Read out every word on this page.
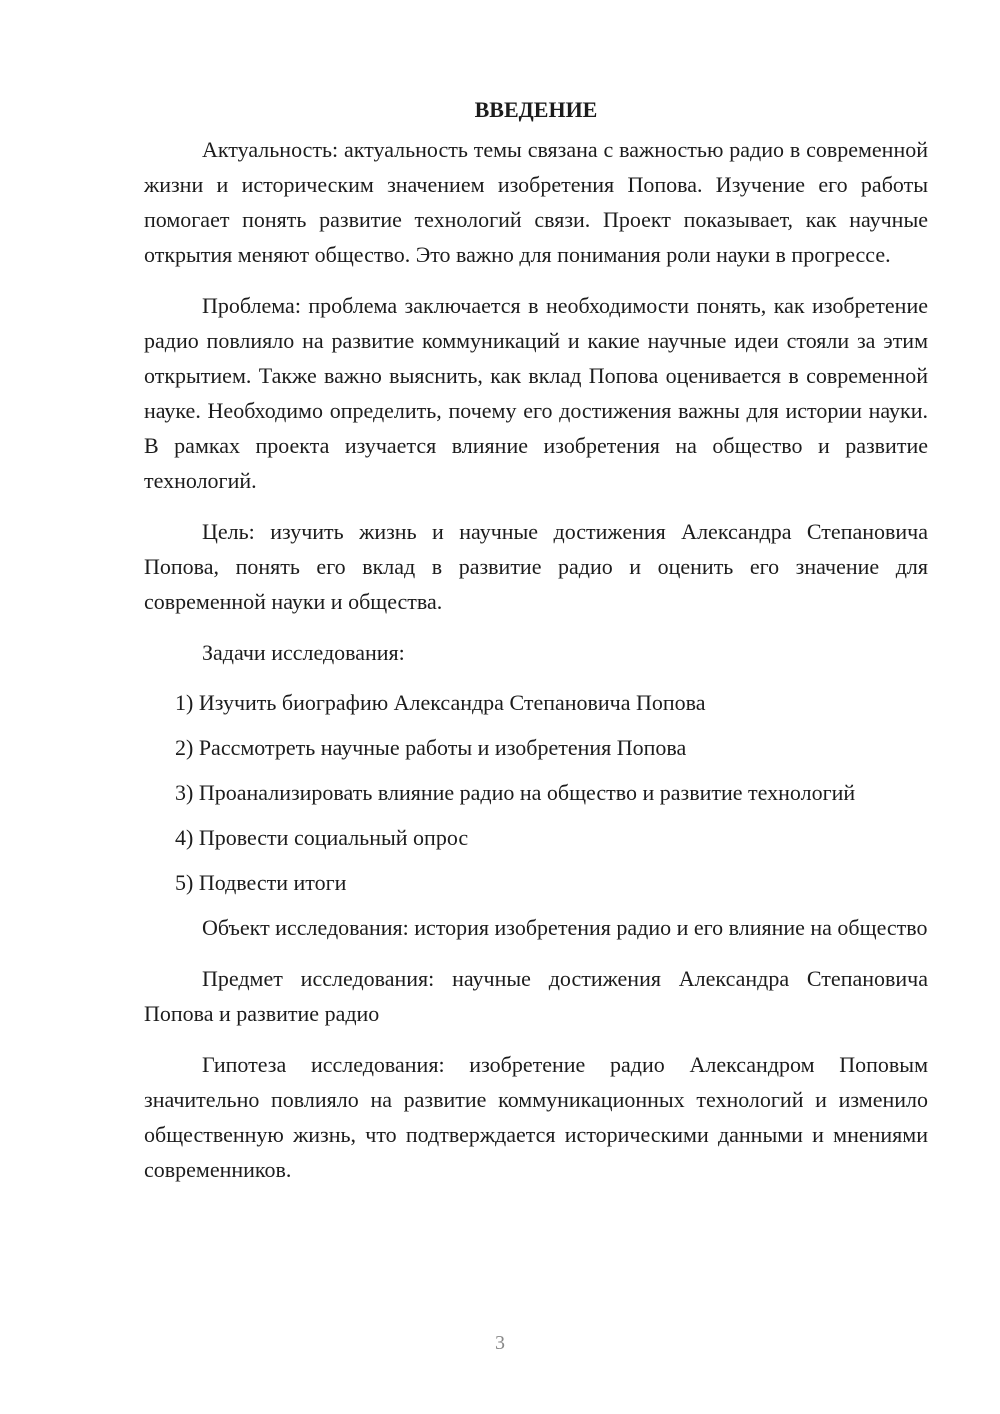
ВВЕДЕНИЕ

Актуальность: актуальность темы связана с важностью радио в современной жизни и историческим значением изобретения Попова. Изучение его работы помогает понять развитие технологий связи. Проект показывает, как научные открытия меняют общество. Это важно для понимания роли науки в прогрессе.

Проблема: проблема заключается в необходимости понять, как изобретение радио повлияло на развитие коммуникаций и какие научные идеи стояли за этим открытием. Также важно выяснить, как вклад Попова оценивается в современной науке. Необходимо определить, почему его достижения важны для истории науки. В рамках проекта изучается влияние изобретения на общество и развитие технологий.

Цель: изучить жизнь и научные достижения Александра Степановича Попова, понять его вклад в развитие радио и оценить его значение для современной науки и общества.

Задачи исследования:

1) Изучить биографию Александра Степановича Попова

2) Рассмотреть научные работы и изобретения Попова

3) Проанализировать влияние радио на общество и развитие технологий

4) Провести социальный опрос

5) Подвести итоги

Объект исследования: история изобретения радио и его влияние на общество

Предмет исследования: научные достижения Александра Степановича Попова и развитие радио

Гипотеза исследования: изобретение радио Александром Поповым значительно повлияло на развитие коммуникационных технологий и изменило общественную жизнь, что подтверждается историческими данными и мнениями современников.

3
